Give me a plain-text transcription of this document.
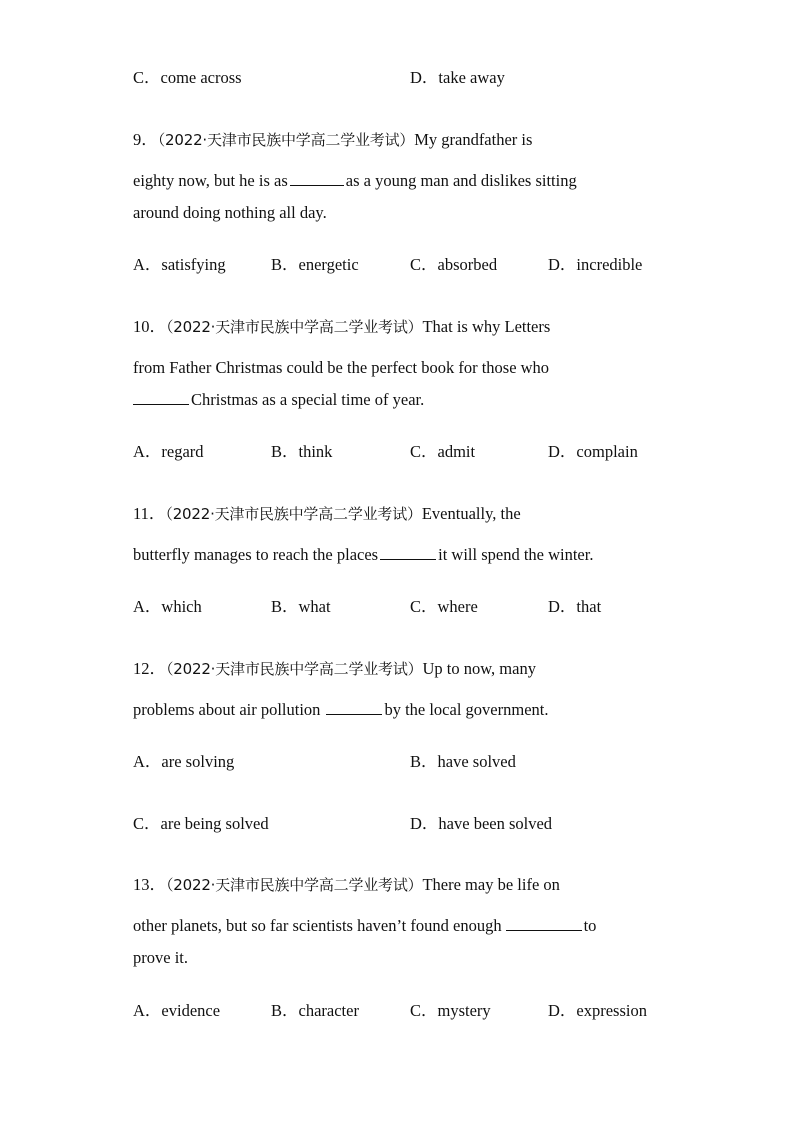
C．come across	D．take away
9．（2022·天津市民族中学高二学业考试）My grandfather is
eighty now, but he is as	as a young man and dislikes sitting
around doing nothing all day.
A．satisfying	B．energetic	C．absorbed	D．incredible
10．（2022·天津市民族中学高二学业考试）That is why Letters
from Father Christmas could be the perfect book for those who
Christmas as a special time of year.
A．regard	B．think	C．admit	D．complain
11．（2022·天津市民族中学高二学业考试）Eventually, the
butterfly manages to reach the places	it will spend the winter.
A．which	B．what	C．where	D．that
12．（2022·天津市民族中学高二学业考试）Up to now, many
problems about air pollution	by the local government.
A．are solving	B．have solved
C．are being solved	D．have been solved
13．（2022·天津市民族中学高二学业考试）There may be life on
other planets, but so far scientists haven’t found enough	to
prove it.
A．evidence	B．character	C．mystery	D．expression
